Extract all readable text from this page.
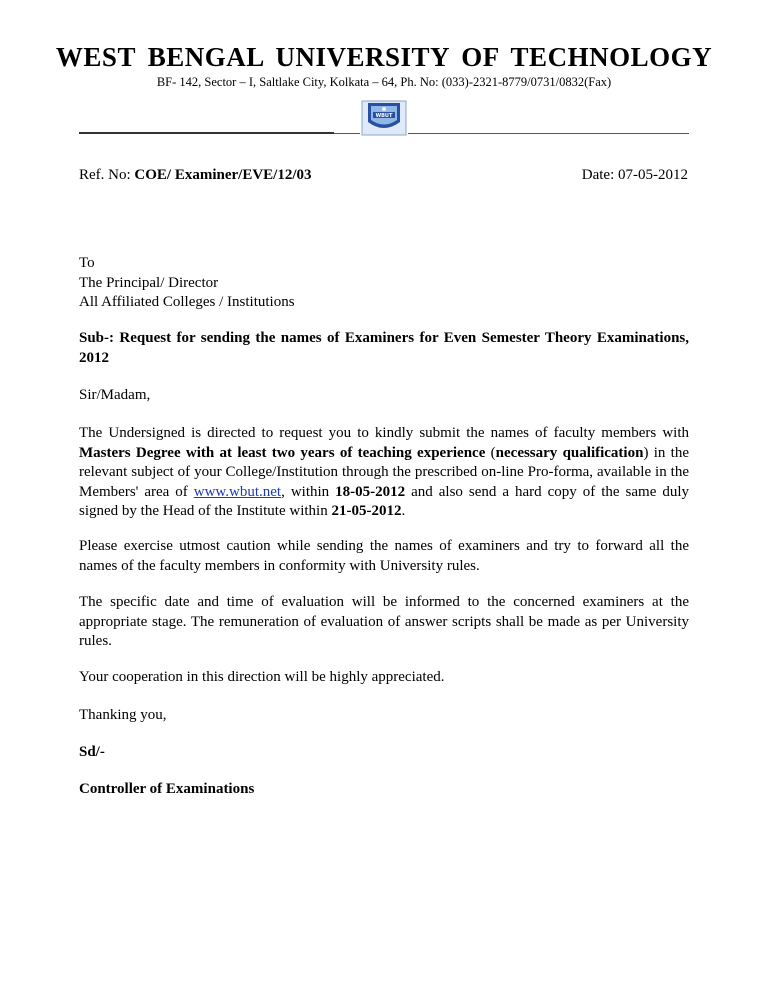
WEST BENGAL UNIVERSITY OF TECHNOLOGY
BF- 142, Sector – I, Saltlake City, Kolkata – 64, Ph. No: (033)-2321-8779/0731/0832(Fax)
WBUT
Ref. No: COE/ Examiner/EVE/12/03	Date: 07-05-2012
To
The Principal/ Director
All Affiliated Colleges / Institutions
Sub-: Request for sending the names of Examiners for Even Semester Theory Examinations, 2012
Sir/Madam,
The Undersigned is directed to request you to kindly submit the names of faculty members with Masters Degree with at least two years of teaching experience (necessary qualification) in the relevant subject of your College/Institution through the prescribed on-line Pro-forma, available in the Members' area of www.wbut.net, within 18-05-2012 and also send a hard copy of the same duly signed by the Head of the Institute within 21-05-2012.
Please exercise utmost caution while sending the names of examiners and try to forward all the names of the faculty members in conformity with University rules.
The specific date and time of evaluation will be informed to the concerned examiners at the appropriate stage. The remuneration of evaluation of answer scripts shall be made as per University rules.
Your cooperation in this direction will be highly appreciated.
Thanking you,
Sd/-
Controller of Examinations
